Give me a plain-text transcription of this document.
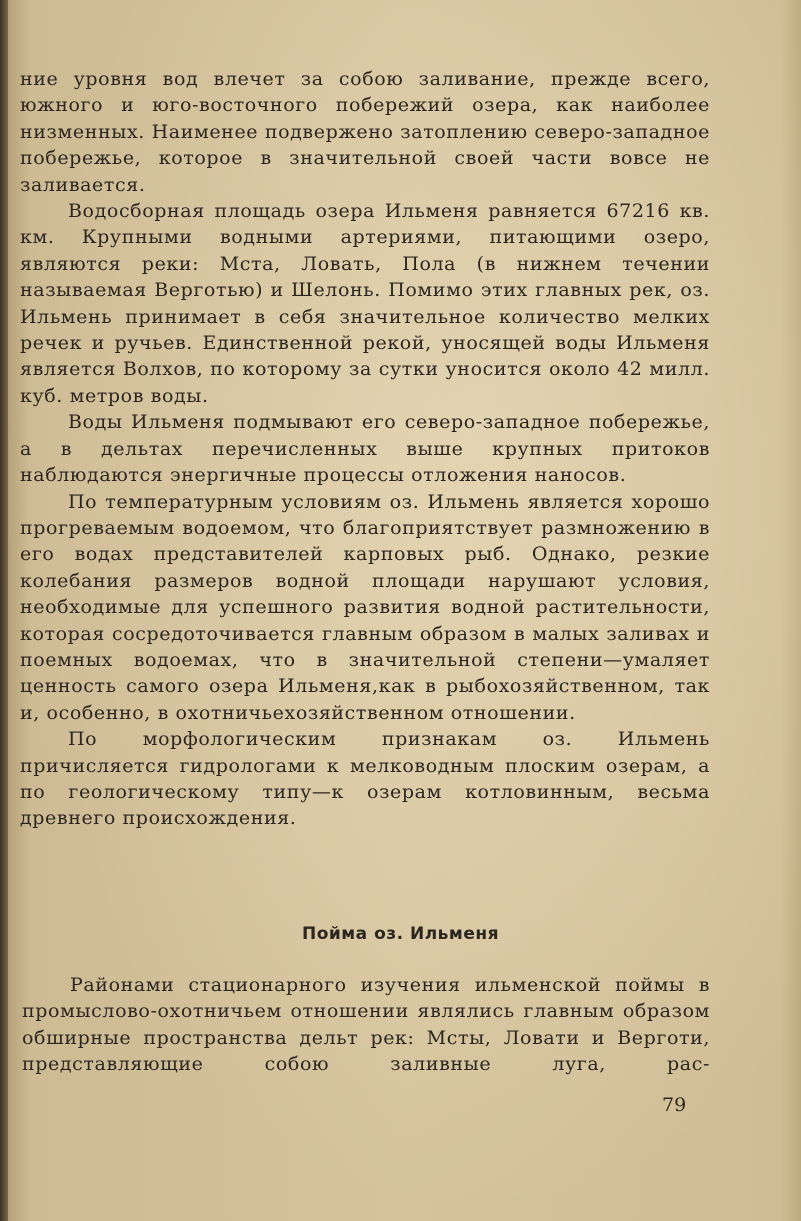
ние уровня вод влечет за собою заливание, прежде всего, южного и юго-восточного побережий озера, как наиболее низменных. Наименее подвержено затоплению северо-западное побережье, которое в значительной своей части вовсе не заливается.

Водосборная площадь озера Ильменя равняется 67216 кв. км. Крупными водными артериями, питающими озеро, являются реки: Мста, Ловать, Пола (в нижнем течении называемая Верготью) и Шелонь. Помимо этих главных рек, оз. Ильмень принимает в себя значительное количество мелких речек и ручьев. Единственной рекой, уносящей воды Ильменя является Волхов, по которому за сутки уносится около 42 милл. куб. метров воды.

Воды Ильменя подмывают его северо-западное побережье, а в дельтах перечисленных выше крупных притоков наблюдаются энергичные процессы отложения наносов.

По температурным условиям оз. Ильмень является хорошо прогреваемым водоемом, что благоприятствует размножению в его водах представителей карповых рыб. Однако, резкие колебания размеров водной площади нарушают условия, необходимые для успешного развития водной растительности, которая сосредоточивается главным образом в малых заливах и поемных водоемах, что в значительной степени—умаляет ценность самого озера Ильменя,как в рыбохозяйственном, так и, особенно, в охотничьехозяйственном отношении.

По морфологическим признакам оз. Ильмень причисляется гидрологами к мелководным плоским озерам, а по геологическому типу—к озерам котловинным, весьма древнего происхождения.

Пойма оз. Ильменя

Районами стационарного изучения ильменской поймы в промыслово-охотничьем отношении являлись главным образом обширные пространства дельт рек: Мсты, Ловати и Верготи, представляющие собою заливные луга, рас-

79
